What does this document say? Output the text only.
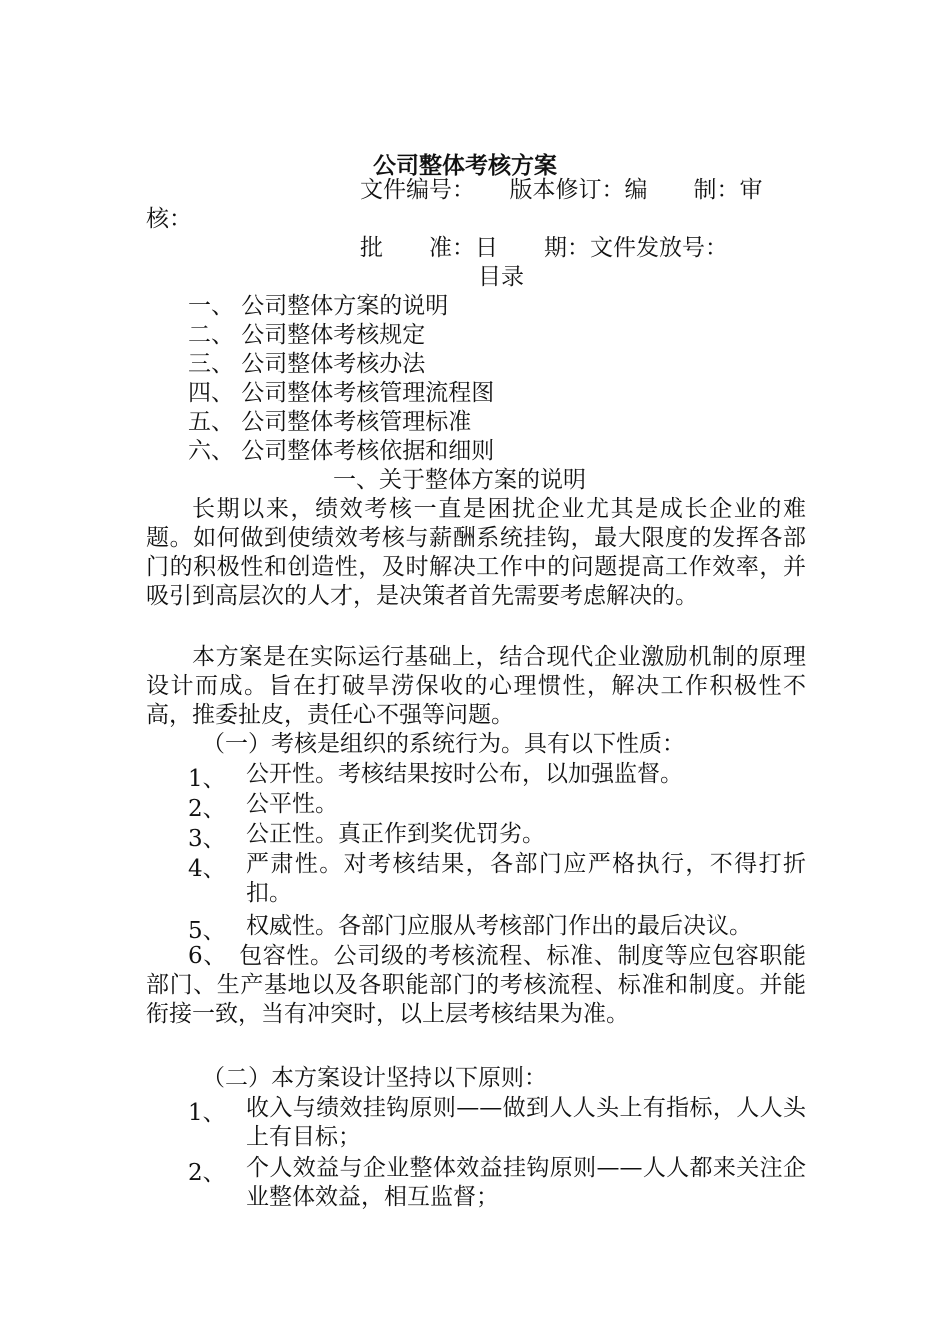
公司整体考核方案
文件编号：　　版本修订：编　　制：审
核：
批　　准：日　　期：文件发放号：
目录
一、 公司整体方案的说明
二、 公司整体考核规定
三、 公司整体考核办法
四、 公司整体考核管理流程图
五、 公司整体考核管理标准
六、 公司整体考核依据和细则
一、关于整体方案的说明
长期以来，绩效考核一直是困扰企业尤其是成长企业的难题。如何做到使绩效考核与薪酬系统挂钩，最大限度的发挥各部门的积极性和创造性，及时解决工作中的问题提高工作效率，并吸引到高层次的人才，是决策者首先需要考虑解决的。
本方案是在实际运行基础上，结合现代企业激励机制的原理设计而成。旨在打破旱涝保收的心理惯性，解决工作积极性不高，推委扯皮，责任心不强等问题。
（一）考核是组织的系统行为。具有以下性质：
1、 公开性。考核结果按时公布，以加强监督。
2、 公平性。
3、 公正性。真正作到奖优罚劣。
4、 严肃性。对考核结果，各部门应严格执行，不得打折扣。
5、 权威性。各部门应服从考核部门作出的最后决议。
6、　包容性。公司级的考核流程、标准、制度等应包容职能部门、生产基地以及各职能部门的考核流程、标准和制度。并能衔接一致，当有冲突时，以上层考核结果为准。
（二）本方案设计坚持以下原则：
1、 收入与绩效挂钩原则——做到人人头上有指标，人人头上有目标；
2、 个人效益与企业整体效益挂钩原则——人人都来关注企业整体效益，相互监督；
